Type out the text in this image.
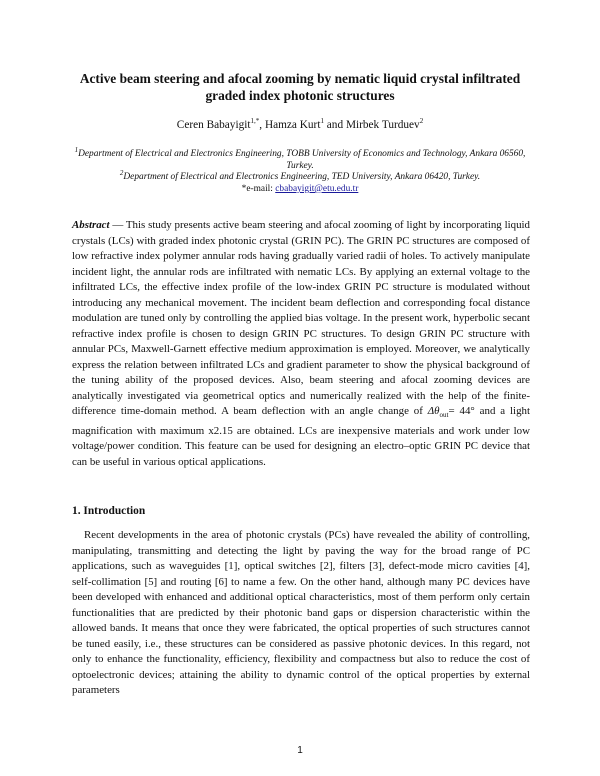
Active beam steering and afocal zooming by nematic liquid crystal infiltrated graded index photonic structures
Ceren Babayigit$^{1,*}$, Hamza Kurt$^1$ and Mirbek Turduev$^2$
$^1$Department of Electrical and Electronics Engineering, TOBB University of Economics and Technology, Ankara 06560, Turkey.
$^2$Department of Electrical and Electronics Engineering, TED University, Ankara 06420, Turkey.
*e-mail: cbabayigit@etu.edu.tr

Abstract — This study presents active beam steering and afocal zooming of light by incorporating liquid crystals (LCs) with graded index photonic crystal (GRIN PC). The GRIN PC structures are composed of low refractive index polymer annular rods having gradually varied radii of holes. To actively manipulate incident light, the annular rods are infiltrated with nematic LCs. By applying an external voltage to the infiltrated LCs, the effective index profile of the low-index GRIN PC structure is modulated without introducing any mechanical movement. The incident beam deflection and corresponding focal distance modulation are tuned only by controlling the applied bias voltage. In the present work, hyperbolic secant refractive index profile is chosen to design GRIN PC structures. To design GRIN PC structure with annular PCs, Maxwell-Garnett effective medium approximation is employed. Moreover, we analytically express the relation between infiltrated LCs and gradient parameter to show the physical background of the tuning ability of the proposed devices. Also, beam steering and afocal zooming devices are analytically investigated via geometrical optics and numerically realized with the help of the finite-difference time-domain method. A beam deflection with an angle change of $\Delta\theta_{out}= 44^\circ$ and a light magnification with maximum x2.15 are obtained. LCs are inexpensive materials and work under low voltage/power condition. This feature can be used for designing an electro–optic GRIN PC device that can be useful in various optical applications.

1. Introduction

Recent developments in the area of photonic crystals (PCs) have revealed the ability of controlling, manipulating, transmitting and detecting the light by paving the way for the broad range of PC applications, such as waveguides [1], optical switches [2], filters [3], defect-mode micro cavities [4], self-collimation [5] and routing [6] to name a few. On the other hand, although many PC devices have been developed with enhanced and additional optical characteristics, most of them perform only certain functionalities that are predicted by their photonic band gaps or dispersion characteristic within the allowed bands. It means that once they were fabricated, the optical properties of such structures cannot be tuned easily, i.e., these structures can be considered as passive photonic devices. In this regard, not only to enhance the functionality, efficiency, flexibility and compactness but also to reduce the cost of optoelectronic devices; attaining the ability to dynamic control of the optical properties by external parameters

1
